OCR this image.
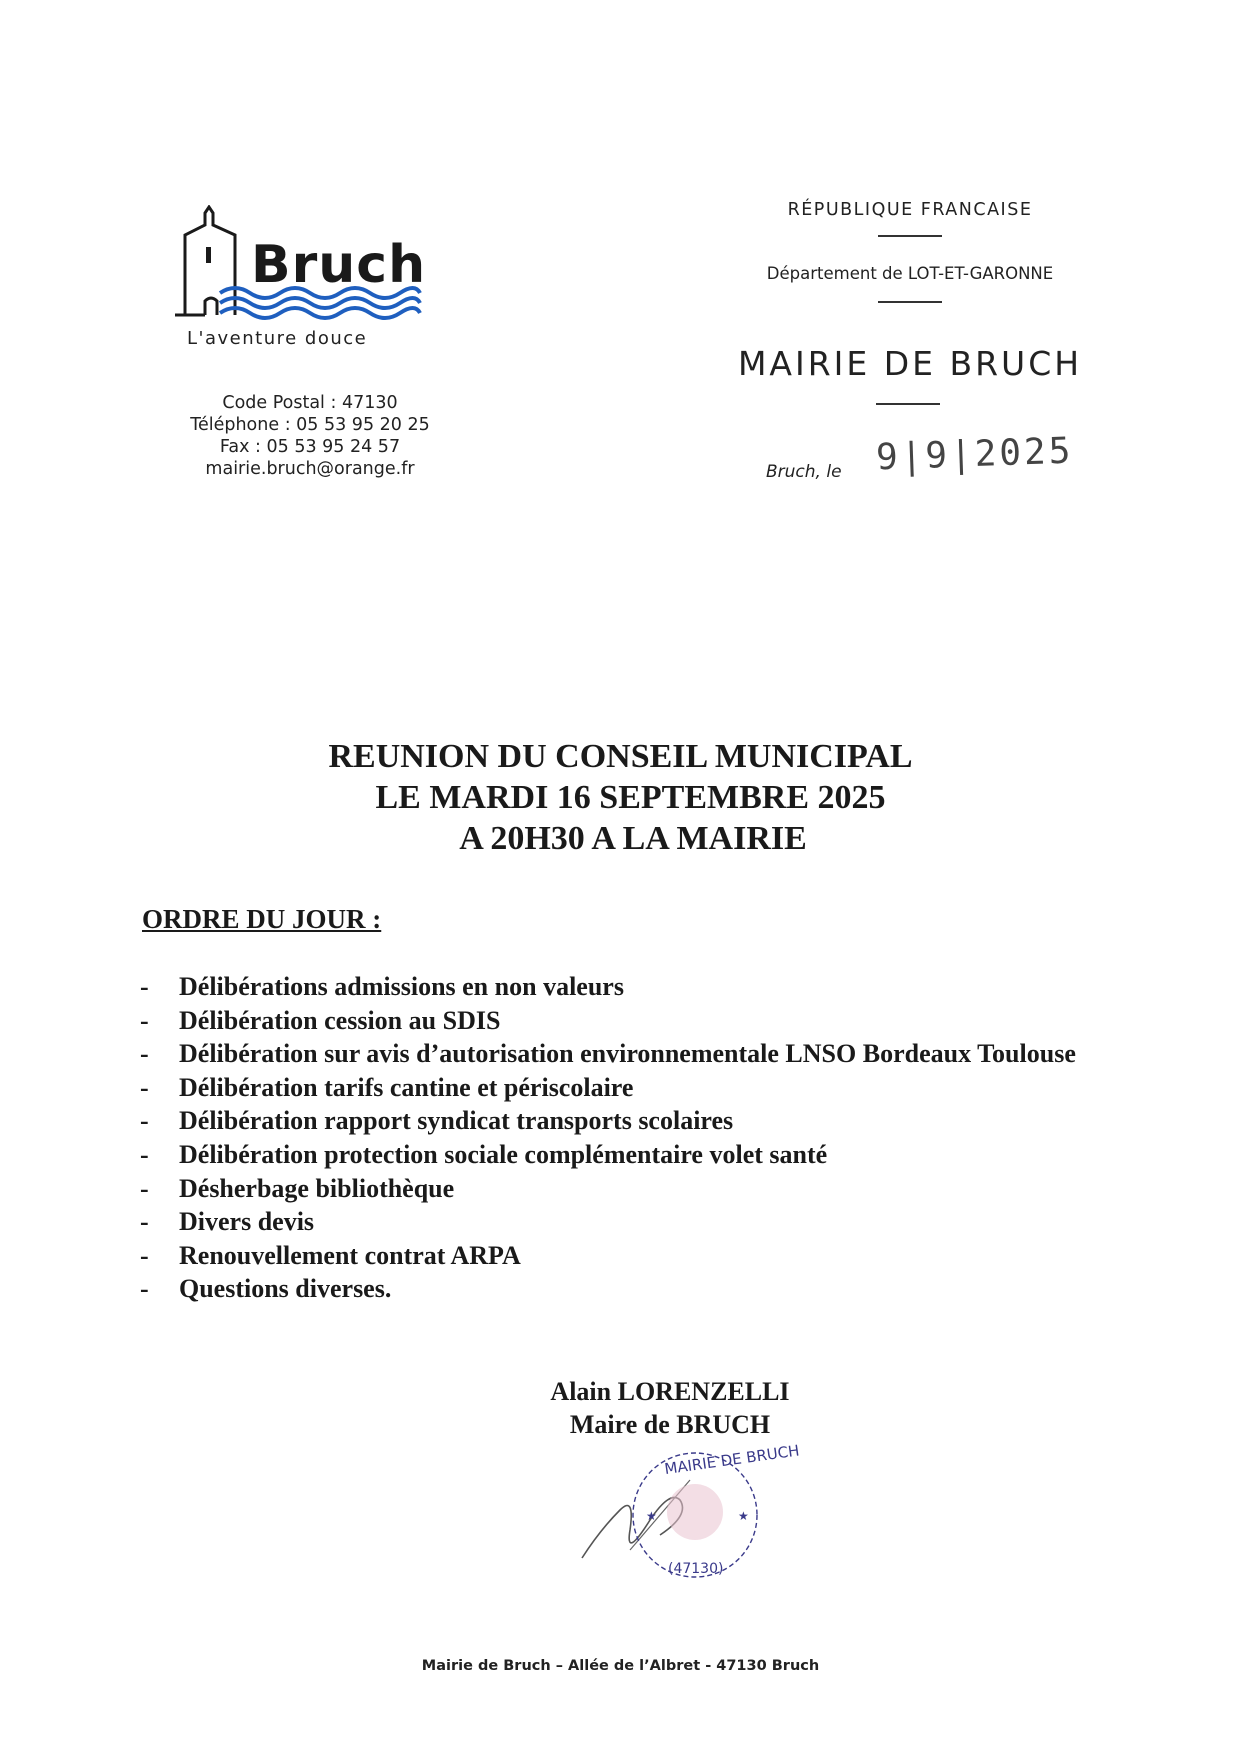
Bruch
L'aventure douce
Code Postal : 47130
Téléphone : 05 53 95 20 25
Fax : 05 53 95 24 57
mairie.bruch@orange.fr
RÉPUBLIQUE FRANCAISE
Département de LOT-ET-GARONNE
MAIRIE DE BRUCH
Bruch, le 9|9|2025
REUNION DU CONSEIL MUNICIPAL
LE MARDI 16 SEPTEMBRE 2025
A 20H30 A LA MAIRIE
ORDRE DU JOUR :
- Délibérations admissions en non valeurs
- Délibération cession au SDIS
- Délibération sur avis d’autorisation environnementale LNSO Bordeaux Toulouse
- Délibération tarifs cantine et périscolaire
- Délibération rapport syndicat transports scolaires
- Délibération protection sociale complémentaire volet santé
- Désherbage bibliothèque
- Divers devis
- Renouvellement contrat ARPA
- Questions diverses.
Alain LORENZELLI
Maire de BRUCH
MAIRIE DE BRUCH
(47130)
★	★
Mairie de Bruch – Allée de l’Albret - 47130 Bruch
